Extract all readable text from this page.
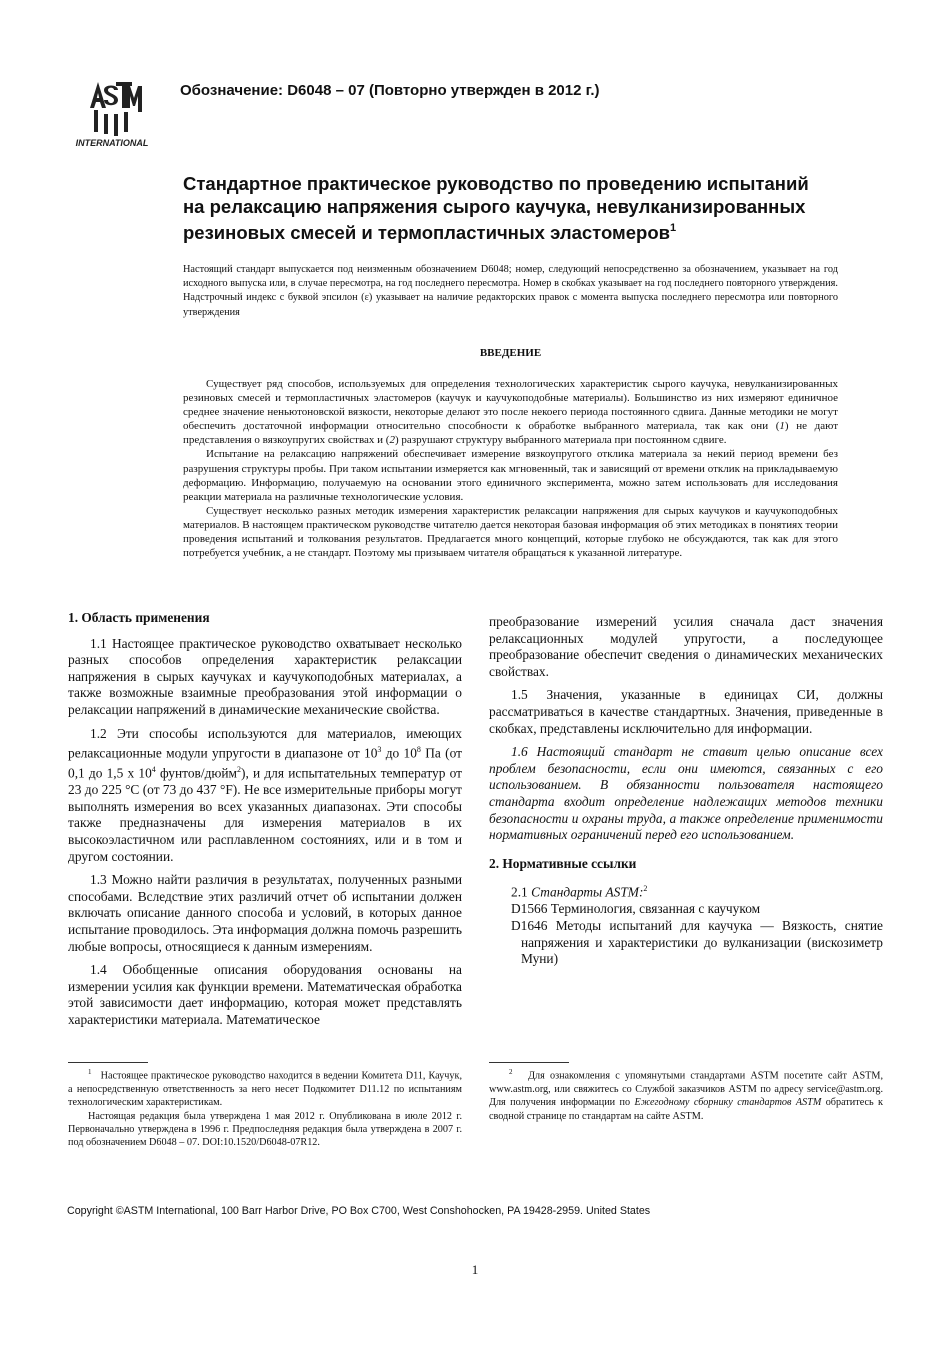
INTERNATIONAL
Обозначение: D6048 – 07 (Повторно утвержден в 2012 г.)
Стандартное практическое руководство по проведению испытаний на релаксацию напряжения сырого каучука, невулканизированных резиновых смесей и термопластичных эластомеров$^1$
Настоящий стандарт выпускается под неизменным обозначением D6048; номер, следующий непосредственно за обозначением, указывает на год исходного выпуска или, в случае пересмотра, на год последнего пересмотра. Номер в скобках указывает на год последнего повторного утверждения. Надстрочный индекс с буквой эпсилон (ε) указывает на наличие редакторских правок с момента выпуска последнего пересмотра или повторного утверждения
ВВЕДЕНИЕ

Существует ряд способов, используемых для определения технологических характеристик сырого каучука, невулканизированных резиновых смесей и термопластичных эластомеров (каучук и каучукоподобные материалы). Большинство из них измеряют единичное среднее значение неньютоновской вязкости, некоторые делают это после некоего периода постоянного сдвига. Данные методики не могут обеспечить достаточной информации относительно способности к обработке выбранного материала, так как они (1) не дают представления о вязкоупругих свойствах и (2) разрушают структуру выбранного материала при постоянном сдвиге.

Испытание на релаксацию напряжений обеспечивает измерение вязкоупругого отклика материала за некий период времени без разрушения структуры пробы. При таком испытании измеряется как мгновенный, так и зависящий от времени отклик на прикладываемую деформацию. Информацию, получаемую на основании этого единичного эксперимента, можно затем использовать для исследования реакции материала на различные технологические условия.

Существует несколько разных методик измерения характеристик релаксации напряжения для сырых каучуков и каучукоподобных материалов. В настоящем практическом руководстве читателю дается некоторая базовая информация об этих методиках в понятиях теории проведения испытаний и толкования результатов. Предлагается много концепций, которые глубоко не обсуждаются, так как для этого потребуется учебник, а не стандарт. Поэтому мы призываем читателя обращаться к указанной литературе.

1. Область применения

1.1 Настоящее практическое руководство охватывает несколько разных способов определения характеристик релаксации напряжения в сырых каучуках и каучукоподобных материалах, а также возможные взаимные преобразования этой информации о релаксации напряжений в динамические механические свойства.

1.2 Эти способы используются для материалов, имеющих релаксационные модули упругости в диапазоне от $10^3$ до $10^8$ Па (от 0,1 до 1,5 x $10^4$ фунтов/дюйм$^2$), и для испытательных температур от 23 до 225 °C (от 73 до 437 °F). Не все измерительные приборы могут выполнять измерения во всех указанных диапазонах. Эти способы также предназначены для измерения материалов в их высокоэластичном или расплавленном состояниях, или и в том и другом состоянии.

1.3 Можно найти различия в результатах, полученных разными способами. Вследствие этих различий отчет об испытании должен включать описание данного способа и условий, в которых данное испытание проводилось. Эта информация должна помочь разрешить любые вопросы, относящиеся к данным измерениям.

1.4 Обобщенные описания оборудования основаны на измерении усилия как функции времени. Математическая обработка этой зависимости дает информацию, которая может представлять характеристики материала. Математическое

преобразование измерений усилия сначала даст значения релаксационных модулей упругости, а последующее преобразование обеспечит сведения о динамических механических свойствах.

1.5 Значения, указанные в единицах СИ, должны рассматриваться в качестве стандартных. Значения, приведенные в скобках, представлены исключительно для информации.

1.6 Настоящий стандарт не ставит целью описание всех проблем безопасности, если они имеются, связанных с его использованием. В обязанности пользователя настоящего стандарта входит определение надлежащих методов техники безопасности и охраны труда, а также определение применимости нормативных ограничений перед его использованием.

2. Нормативные ссылки

2.1 Стандарты ASTM:$^2$

D1566 Терминология, связанная с каучуком
D1646 Методы испытаний для каучука — Вязкость, снятие напряжения и характеристики до вулканизации (вискозиметр Муни)

$^1$ Настоящее практическое руководство находится в ведении Комитета D11, Каучук, а непосредственную ответственность за него несет Подкомитет D11.12 по испытаниям технологическим характеристикам.

Настоящая редакция была утверждена 1 мая 2012 г. Опубликована в июле 2012 г. Первоначально утверждена в 1996 г. Предпоследняя редакция была утверждена в 2007 г. под обозначением D6048 – 07. DOI:10.1520/D6048-07R12.

$^2$ Для ознакомления с упомянутыми стандартами ASTM посетите сайт ASTM, www.astm.org, или свяжитесь со Службой заказчиков ASTM по адресу service@astm.org. Для получения информации по Ежегодному сборнику стандартов ASTM обратитесь к сводной странице по стандартам на сайте ASTM.

Copyright ©ASTM International, 100 Barr Harbor Drive, PO Box C700, West Conshohocken, PA 19428-2959. United States
1
